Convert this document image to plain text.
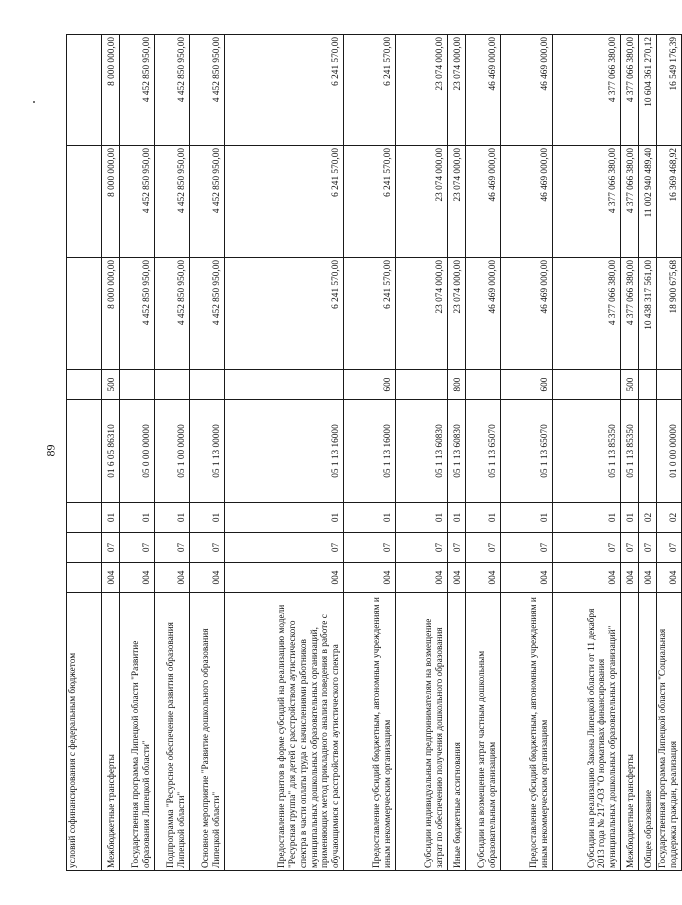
89
условий софинансирования с федеральным бюджетом								
Межбюджетные трансферты	004	07	01	01 6 05 86310	500	8 000 000,00	8 000 000,00	8 000 000,00
Государственная программа Липецкой области "Развитие образования Липецкой области"	004	07	01	05 0 00 00000		4 452 850 950,00	4 452 850 950,00	4 452 850 950,00
Подпрограмма "Ресурсное обеспечение развития образования Липецкой области"	004	07	01	05 1 00 00000		4 452 850 950,00	4 452 850 950,00	4 452 850 950,00
Основное мероприятие "Развитие дошкольного образования Липецкой области"	004	07	01	05 1 13 00000		4 452 850 950,00	4 452 850 950,00	4 452 850 950,00
Предоставление грантов в форме субсидий на реализацию модели "Ресурсная группа" для детей с расстройством аутистического спектра в части оплаты труда с начислениями работников муниципальных дошкольных образовательных организаций, применяющих метод прикладного анализа поведения в работе с обучающимися с расстройством аутистического спектра	004	07	01	05 1 13 16000		6 241 570,00	6 241 570,00	6 241 570,00
Предоставление субсидий бюджетным, автономным учреждениям и иным некоммерческим организациям	004	07	01	05 1 13 16000	600	6 241 570,00	6 241 570,00	6 241 570,00
Субсидии индивидуальным предпринимателям на возмещение затрат по обеспечению получения дошкольного образования	004	07	01	05 1 13 60830		23 074 000,00	23 074 000,00	23 074 000,00
Иные бюджетные ассигнования	004	07	01	05 1 13 60830	800	23 074 000,00	23 074 000,00	23 074 000,00
Субсидии на возмещение затрат частным дошкольным образовательным организациям	004	07	01	05 1 13 65070		46 469 000,00	46 469 000,00	46 469 000,00
Предоставление субсидий бюджетным, автономным учреждениям и иным некоммерческим организациям	004	07	01	05 1 13 65070	600	46 469 000,00	46 469 000,00	46 469 000,00
Субсидии на реализацию Закона Липецкой области от 11 декабря 2013 года № 217-ОЗ "О нормативах финансирования муниципальных дошкольных образовательных организаций"	004	07	01	05 1 13 85350		4 377 066 380,00	4 377 066 380,00	4 377 066 380,00
Межбюджетные трансферты	004	07	01	05 1 13 85350	500	4 377 066 380,00	4 377 066 380,00	4 377 066 380,00
Общее образование	004	07	02			10 438 317 561,00	11 002 940 489,40	10 604 361 270,12
Государственная программа Липецкой области "Социальная поддержка граждан, реализация	004	07	02	01 0 00 00000		18 900 675,68	16 369 468,92	16 549 176,39
